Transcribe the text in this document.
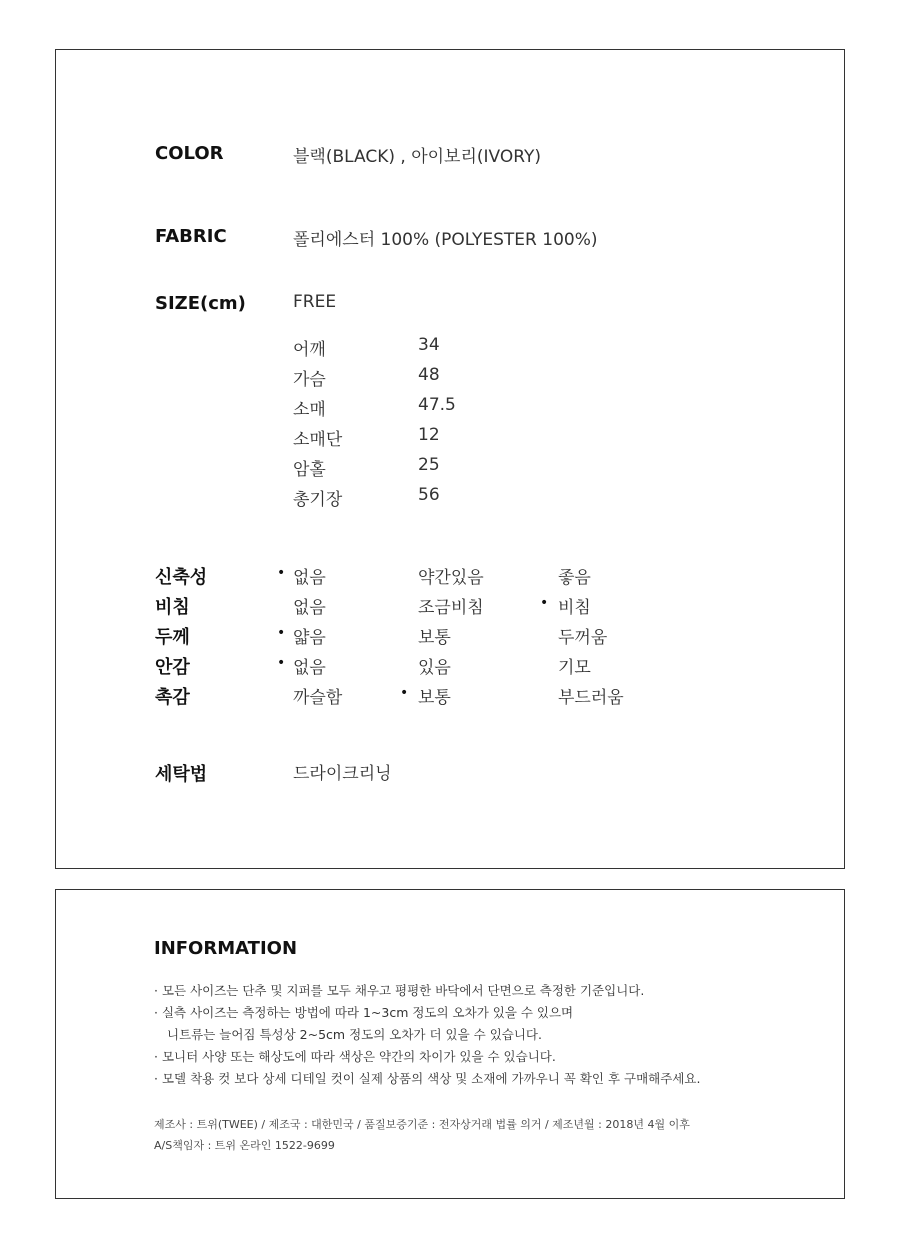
COLOR	블랙(BLACK) , 아이보리(IVORY)
FABRIC	폴리에스터 100% (POLYESTER 100%)
SIZE(cm)	FREE
어깨	34
가슴	48
소매	47.5
소매단	12
암홀	25
총기장	56
신축성	• 없음	약간있음	좋음
비침	없음	조금비침	• 비침
두께	• 얇음	보통	두꺼움
안감	• 없음	있음	기모
촉감	까슬함	• 보통	부드러움
세탁법	드라이크리닝
INFORMATION
· 모든 사이즈는 단추 및 지퍼를 모두 채우고 평평한 바닥에서 단면으로 측정한 기준입니다.
· 실측 사이즈는 측정하는 방법에 따라 1~3cm 정도의 오차가 있을 수 있으며
니트류는 늘어짐 특성상 2~5cm 정도의 오차가 더 있을 수 있습니다.
· 모니터 사양 또는 해상도에 따라 색상은 약간의 차이가 있을 수 있습니다.
· 모델 착용 컷 보다 상세 디테일 컷이 실제 상품의 색상 및 소재에 가까우니 꼭 확인 후 구매해주세요.
제조사 : 트위(TWEE) / 제조국 : 대한민국 / 품질보증기준 : 전자상거래 법률 의거 / 제조년월 : 2018년 4월 이후
A/S책임자 : 트위 온라인 1522-9699
